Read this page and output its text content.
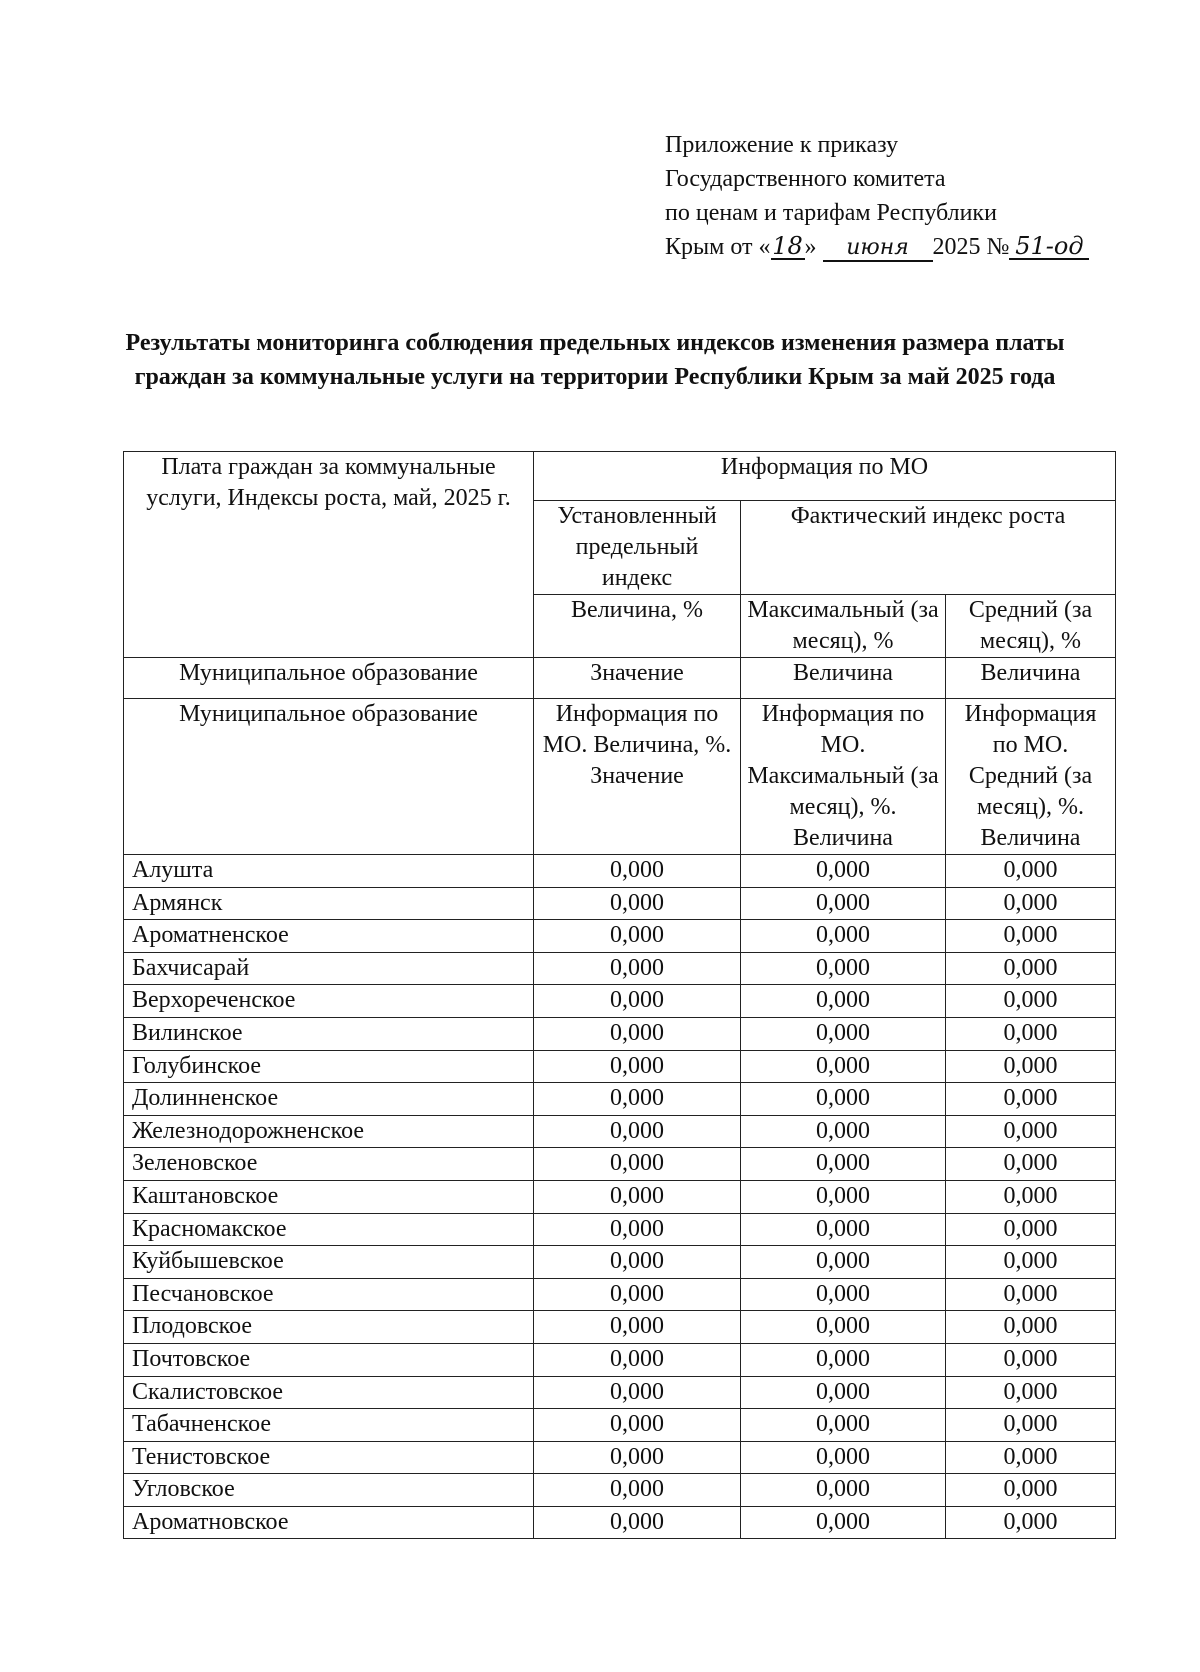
Приложение к приказу
Государственного комитета
по ценам и тарифам Республики
Крым от «18» июня 2025 № 51-од
Результаты мониторинга соблюдения предельных индексов изменения размера платы граждан за коммунальные услуги на территории Республики Крым за май 2025 года
Плата граждан за коммунальные услуги, Индексы роста, май, 2025 г.	Информация по МО		
	Установленный предельный индекс	Фактический индекс роста	
	Величина, %	Максимальный (за месяц), %	Средний (за месяц), %
Муниципальное образование	Значение	Величина	Величина
Муниципальное образование	Информация по МО. Величина, %. Значение	Информация по МО. Максимальный (за месяц), %. Величина	Информация по МО. Средний (за месяц), %. Величина
Алушта	0,000	0,000	0,000
Армянск	0,000	0,000	0,000
Ароматненское	0,000	0,000	0,000
Бахчисарай	0,000	0,000	0,000
Верхореченское	0,000	0,000	0,000
Вилинское	0,000	0,000	0,000
Голубинское	0,000	0,000	0,000
Долинненское	0,000	0,000	0,000
Железнодорожненское	0,000	0,000	0,000
Зеленовское	0,000	0,000	0,000
Каштановское	0,000	0,000	0,000
Красномакское	0,000	0,000	0,000
Куйбышевское	0,000	0,000	0,000
Песчановское	0,000	0,000	0,000
Плодовское	0,000	0,000	0,000
Почтовское	0,000	0,000	0,000
Скалистовское	0,000	0,000	0,000
Табачненское	0,000	0,000	0,000
Тенистовское	0,000	0,000	0,000
Угловское	0,000	0,000	0,000
Ароматновское	0,000	0,000	0,000
